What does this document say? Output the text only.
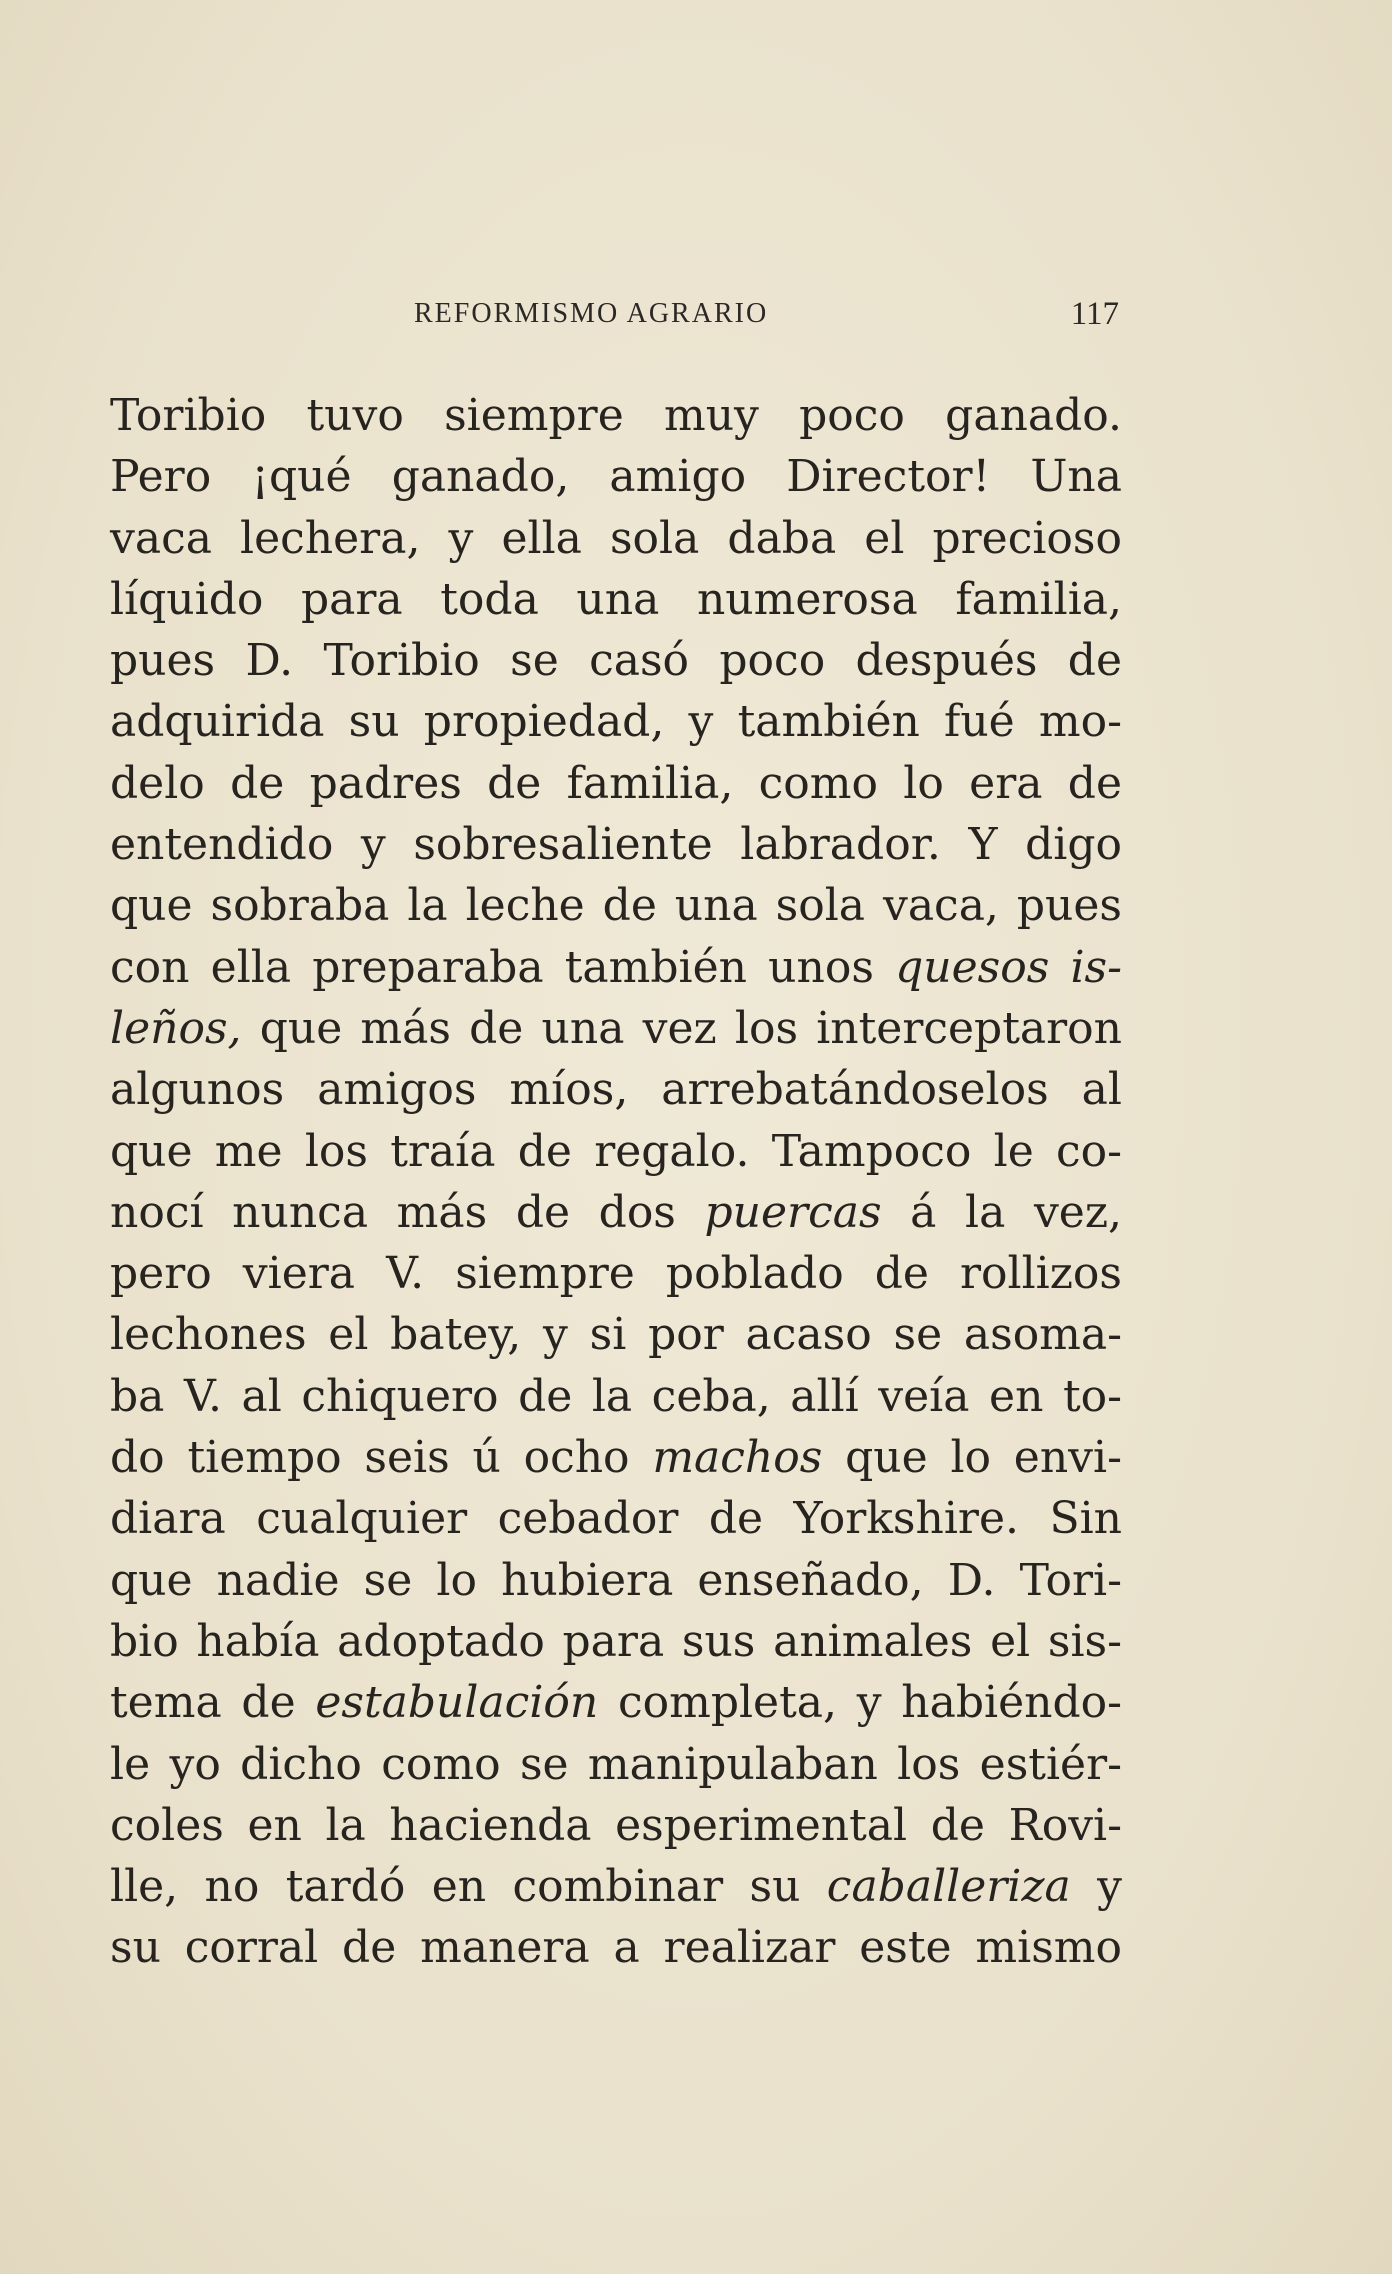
REFORMISMO AGRARIO	117
Toribio tuvo siempre muy poco ganado.
Pero ¡qué ganado, amigo Director! Una
vaca lechera, y ella sola daba el precioso
líquido para toda una numerosa familia,
pues D. Toribio se casó poco después de
adquirida su propiedad, y también fué mo-
delo de padres de familia, como lo era de
entendido y sobresaliente labrador. Y digo
que sobraba la leche de una sola vaca, pues
con ella preparaba también unos quesos is-
leños, que más de una vez los interceptaron
algunos amigos míos, arrebatándoselos al
que me los traía de regalo. Tampoco le co-
nocí nunca más de dos puercas á la vez,
pero viera V. siempre poblado de rollizos
lechones el batey, y si por acaso se asoma-
ba V. al chiquero de la ceba, allí veía en to-
do tiempo seis ú ocho machos que lo envi-
diara cualquier cebador de Yorkshire. Sin
que nadie se lo hubiera enseñado, D. Tori-
bio había adoptado para sus animales el sis-
tema de estabulación completa, y habiéndo-
le yo dicho como se manipulaban los estiér-
coles en la hacienda esperimental de Rovi-
lle, no tardó en combinar su caballeriza y
su corral de manera a realizar este mismo
